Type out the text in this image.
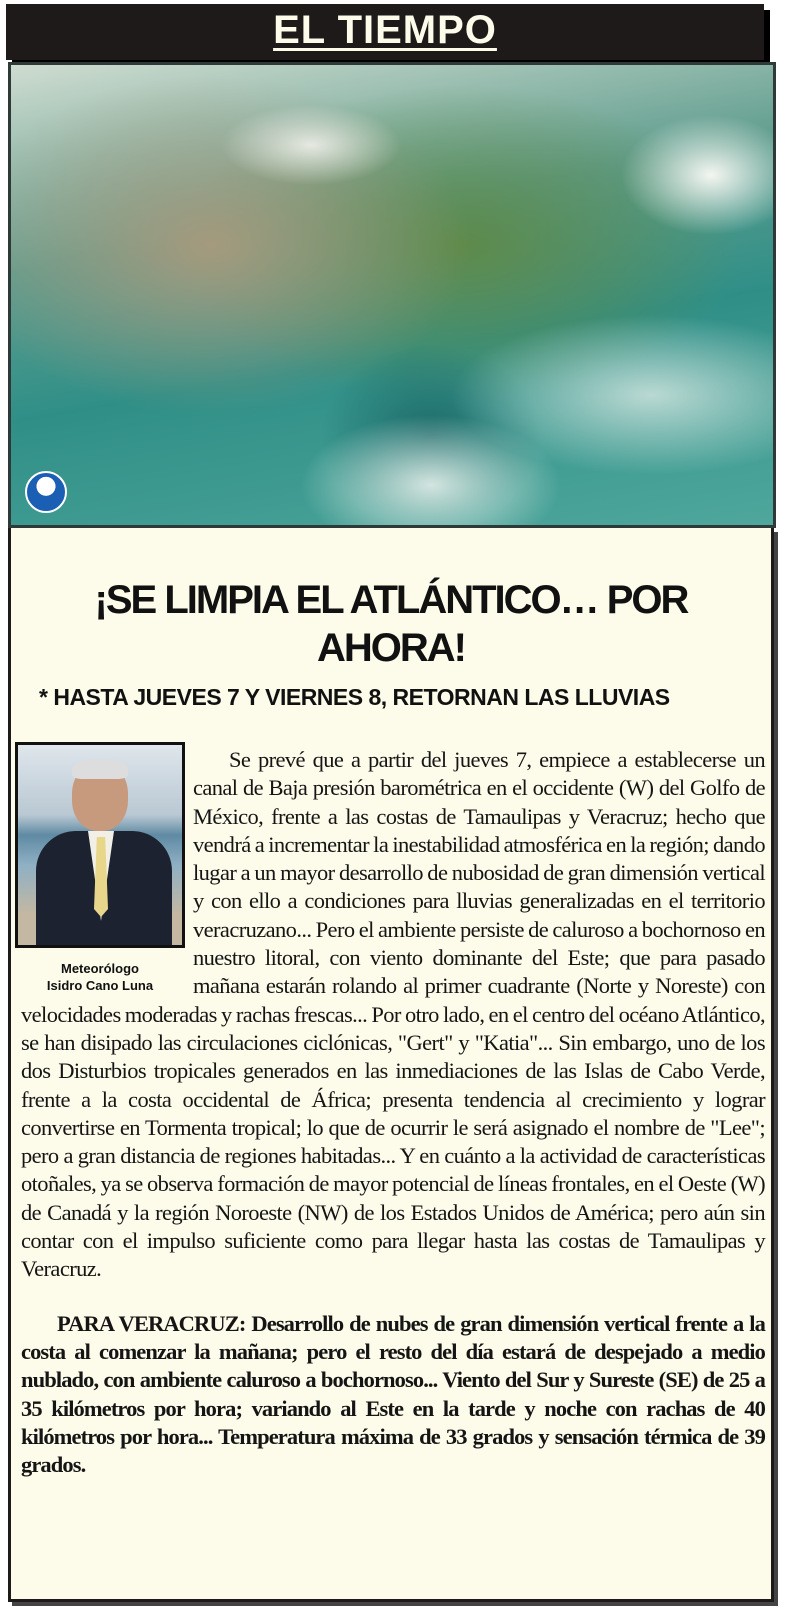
EL TIEMPO
¡SE LIMPIA EL ATLÁNTICO… POR AHORA!
* HASTA JUEVES 7 Y VIERNES 8, RETORNAN LAS LLUVIAS
Meteorólogo
Isidro Cano Luna

Se prevé que a partir del jueves 7, empiece a establecerse un canal de Baja presión barométrica en el occidente (W) del Golfo de México, frente a las costas de Tamaulipas y Veracruz; hecho que vendrá a incrementar la inestabilidad atmosférica en la región; dando lugar a un mayor desarrollo de nubosidad de gran dimensión vertical y con ello a condiciones para lluvias generalizadas en el territorio veracruzano... Pero el ambiente persiste de caluroso a bochornoso en nuestro litoral, con viento dominante del Este; que para pasado mañana estarán rolando al primer cuadrante (Norte y Noreste) con velocidades moderadas y rachas frescas... Por otro lado, en el centro del océano Atlántico, se han disipado las circulaciones ciclónicas, "Gert" y "Katia"... Sin embargo, uno de los dos Disturbios tropicales generados en las inmediaciones de las Islas de Cabo Verde, frente a la costa occidental de África; presenta tendencia al crecimiento y lograr convertirse en Tormenta tropical; lo que de ocurrir le será asignado el nombre de "Lee"; pero a gran distancia de regiones habitadas... Y en cuánto a la actividad de características otoñales, ya se observa formación de mayor potencial de líneas frontales, en el Oeste (W) de Canadá y la región Noroeste (NW) de los Estados Unidos de América; pero aún sin contar con el impulso suficiente como para llegar hasta las costas de Tamaulipas y Veracruz.

PARA VERACRUZ: Desarrollo de nubes de gran dimensión vertical frente a la costa al comenzar la mañana; pero el resto del día estará de despejado a medio nublado, con ambiente caluroso a bochornoso... Viento del Sur y Sureste (SE) de 25 a 35 kilómetros por hora; variando al Este en la tarde y noche con rachas de 40 kilómetros por hora... Temperatura máxima de 33 grados y sensación térmica de 39 grados.
